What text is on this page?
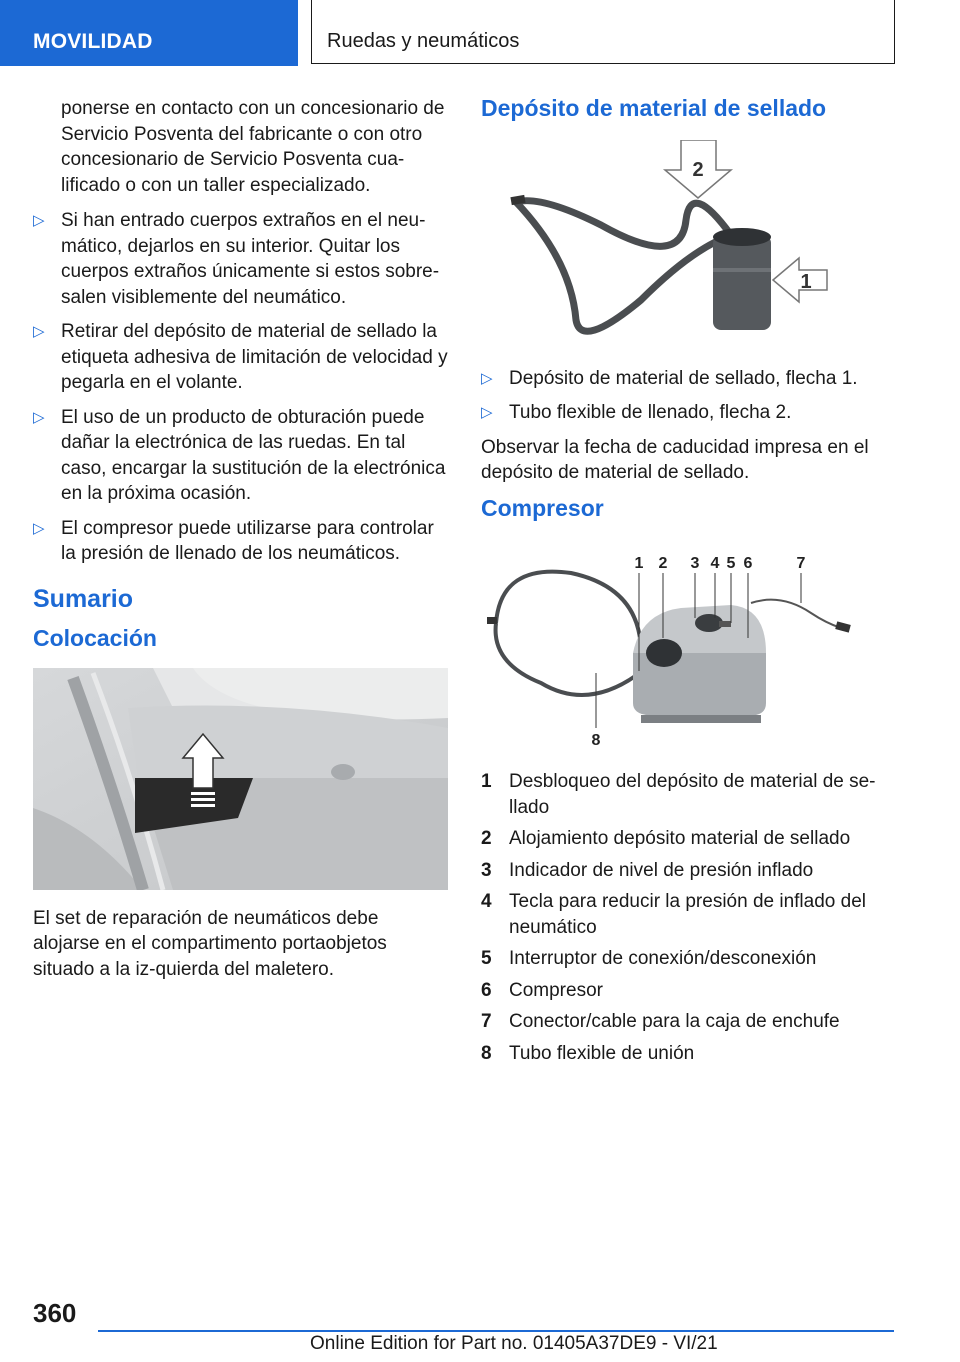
MOVILIDAD	Ruedas y neumáticos

ponerse en contacto con un concesionario de Servicio Posventa del fabricante o con otro concesionario de Servicio Posventa cua-lificado o con un taller especializado.

▷ Si han entrado cuerpos extraños en el neu-mático, dejarlos en su interior. Quitar los cuerpos extraños únicamente si estos sobre-salen visiblemente del neumático.
▷ Retirar del depósito de material de sellado la etiqueta adhesiva de limitación de velocidad y pegarla en el volante.
▷ El uso de un producto de obturación puede dañar la electrónica de las ruedas. En tal caso, encargar la sustitución de la electrónica en la próxima ocasión.
▷ El compresor puede utilizarse para controlar la presión de llenado de los neumáticos.
Sumario
Colocación

El set de reparación de neumáticos debe alojarse en el compartimento portaobjetos situado a la iz-quierda del maletero.

Depósito de material de sellado
2
1
▷ Depósito de material de sellado, flecha 1.
▷ Tubo flexible de llenado, flecha 2.

Observar la fecha de caducidad impresa en el depósito de material de sellado.

Compresor
1 2 3 4 5 6	7
8
1 Desbloqueo del depósito de material de se-llado
2 Alojamiento depósito material de sellado
3 Indicador de nivel de presión inflado
4 Tecla para reducir la presión de inflado del neumático
5 Interruptor de conexión/desconexión
6 Compresor
7 Conector/cable para la caja de enchufe
8 Tubo flexible de unión
360
Online Edition for Part no. 01405A37DE9 - VI/21
